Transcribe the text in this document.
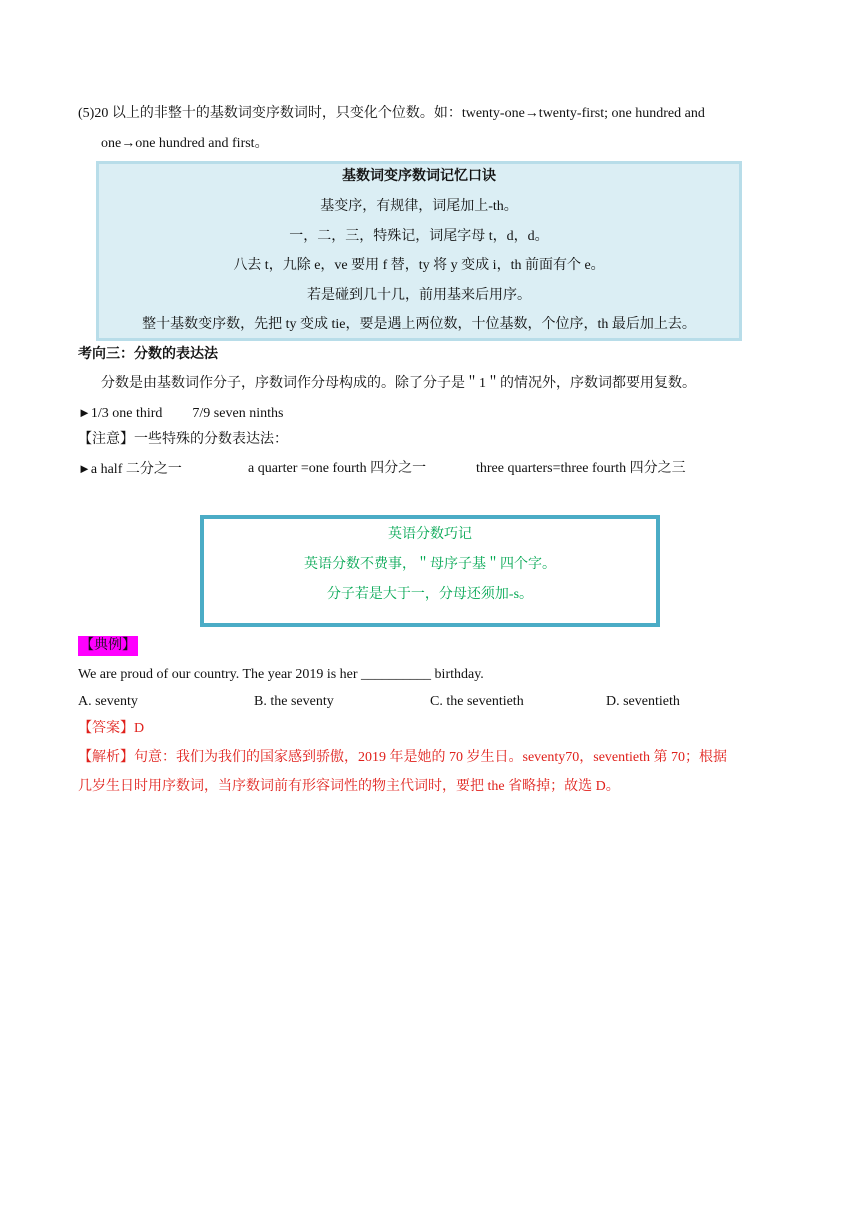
(5)20 以上的非整十的基数词变序数词时，只变化个位数。如：twenty-one→twenty-first; one hundred and
one→one hundred and first。
基数词变序数词记忆口诀
基变序，有规律，词尾加上-th。
一，二，三，特殊记，词尾字母 t，d，d。
八去 t，九除 e，ve 要用 f 替，ty 将 y 变成 i，th 前面有个 e。
若是碰到几十几，前用基来后用序。
整十基数变序数，先把 ty 变成 tie，要是遇上两位数，十位基数，个位序，th 最后加上去。
考向三：分数的表达法
分数是由基数词作分子，序数词作分母构成的。除了分子是＂1＂的情况外，序数词都要用复数。
►1/3 one third 7/9 seven ninths
【注意】一些特殊的分数表达法：
►a half 二分之一	a quarter =one fourth 四分之一	three quarters=three fourth 四分之三
英语分数巧记
英语分数不费事，＂母序子基＂四个字。
分子若是大于一，分母还须加-s。
【典例】
We are proud of our country. The year 2019 is her __________ birthday.
A. seventy	B. the seventy	C. the seventieth	D. seventieth
【答案】D
【解析】句意：我们为我们的国家感到骄傲，2019 年是她的 70 岁生日。seventy70，seventieth 第 70；根据
几岁生日时用序数词，当序数词前有形容词性的物主代词时，要把 the 省略掉；故选 D。
